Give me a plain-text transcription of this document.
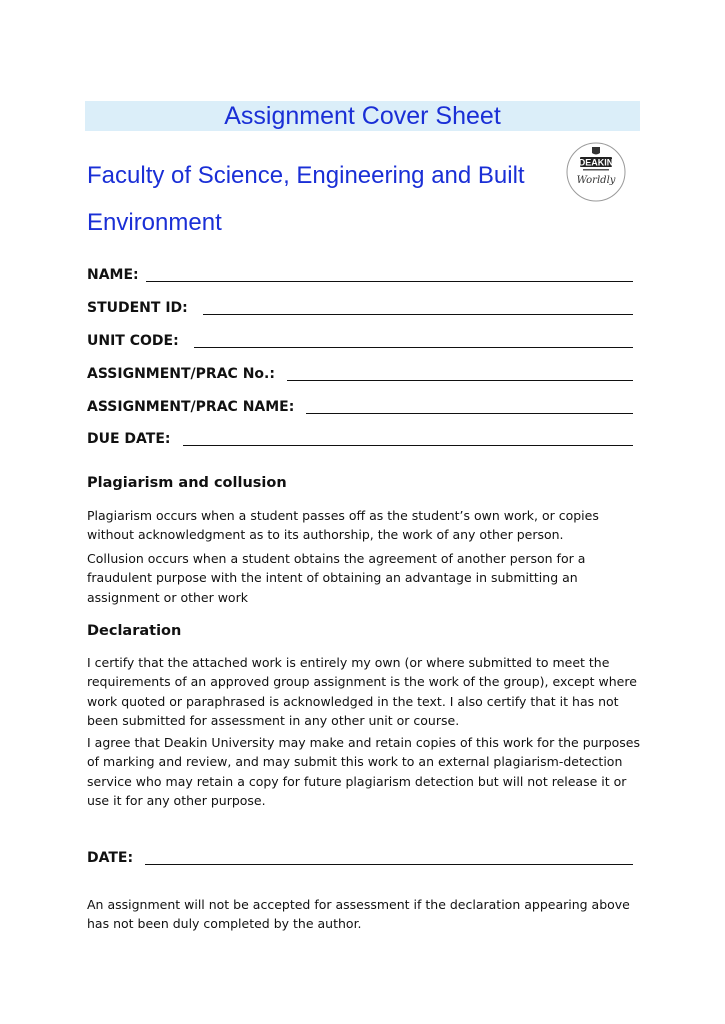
Assignment Cover Sheet
Faculty of Science, Engineering and Built
Environment
DEAKIN
Worldly
NAME:
STUDENT ID:
UNIT CODE:
ASSIGNMENT/PRAC No.:
ASSIGNMENT/PRAC NAME:
DUE DATE:
Plagiarism and collusion
Plagiarism occurs when a student passes off as the student’s own work, or copies without acknowledgment as to its authorship, the work of any other person.
Collusion occurs when a student obtains the agreement of another person for a fraudulent purpose with the intent of obtaining an advantage in submitting an assignment or other work
Declaration
I certify that the attached work is entirely my own (or where submitted to meet the requirements of an approved group assignment is the work of the group), except where work quoted or paraphrased is acknowledged in the text. I also certify that it has not been submitted for assessment in any other unit or course.
I agree that Deakin University may make and retain copies of this work for the purposes of marking and review, and may submit this work to an external plagiarism-detection service who may retain a copy for future plagiarism detection but will not release it or use it for any other purpose.
DATE:
An assignment will not be accepted for assessment if the declaration appearing above has not been duly completed by the author.
